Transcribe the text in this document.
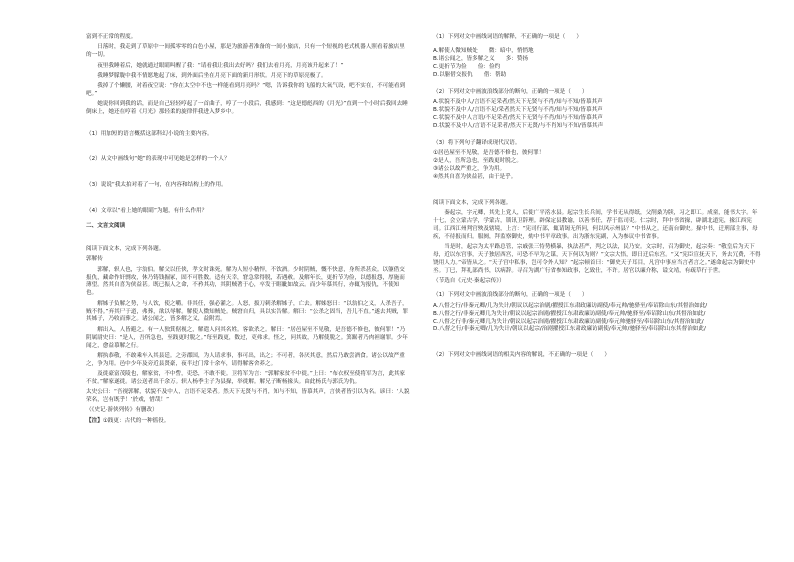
富到不正常的程度。

日落时，我走到了草原中一间孤零零的白色小屋，那是为旅游者准备的一间小旅店，只有一个短视的老式机器人照看着旅店里的一切。

夜里我睡着后，她就通过眼睛叫醒了我：“请看我让我出去好吗？我们去看月亮，月亮该升起来了！”

我睡梦朦胧中我不情愿地起了床，到外面后坐在月亮下面的新月形状。月亮下的草原亮极了。

我掉了个懒腰，对着夜空说：“你在太空中不也一样能看到月亮吗？”嗯，告诉我你的飞船的大氧气设，吧不实在，不可能看到吧。”

她说你回到我的话，而是自己轻轻哼起了一首曲子，哼了一小段后，我感到：“这是德彪西的《月光》”直到一个小时后我回去睡倒床上，她还在哼着《月光》那轻柔的旋律伴我进入梦乡中。

（1）用加短的语言概括这部科幻小说的主要内容。

（2）从文中画线句“她”的表现中可见她是怎样的一个人？

（3）说说“我太拍对着了一句，在内容和结构上的作用。

（4）文章以“看上她的眼睛”为题，有什么作用？

二、文言文阅读

阅读下面文本，完成下列各题。

郭解传

郭解，轵人也，字翁伯。解父以任侠，孝文时诛死。解为人短小精悍，不饮酒。少时阴贼，慨不快意，身所杀甚众。以躯借交报仇，藏命作奸剽攻，休乃铸钱掘冢，固不可胜数。适有天幸，窘急常得脱，若遇赦。及解年长，更折节为俭，以德报怨，厚施而薄望。然其自喜为侠益甚。既已振人之命，不矜其功，其阴贼著于心，卒发于睚眦如故云。而少年慕其行，亦辄为报仇，不使知也。

解姊子负解之势，与人饮，使之嚼。非其任，强必灌之。人怒，拔刀刺杀解姊子，亡去。解姊怒曰：“以翁伯之义，人杀吾子，贼不得。”弃其尸于道，弗葬，欲以辱解。解使人微知贼处。贼窘自归，具以实告解。解曰：“公杀之固当，吾儿不直。”遂去其贼，罪其姊子，乃收而葬之。诸公闻之，皆多解之义，益附焉。

解出入，人皆避之。有一人独箕倨视之，解遣人问其名姓。客欲杀之。解曰：“居邑屋至不见敬，是吾德不修也，彼何罪！”乃阴属尉史曰：“是人，吾所急也，至践更时脱之。”每至践更，数过，吏弗求。怪之，问其故，乃解使脱之。箕踞者乃肉袒谢罪。少年闻之，愈益慕解之行。

解执恭敬，不敢乘车入其县廷。之旁郡国，为人请求事，事可出，出之；不可者，各厌其意，然后乃敢尝酒食。诸公以故严重之，争为用。邑中少年及旁近县贤豪，夜半过门常十余车，请得解客舍养之。

及徙豪富茂陵也，解家贫，不中訾，吏恐，不敢不徙。卫将军为言：“郭解家贫不中徙。”上曰：“布衣权至使将军为言，此其家不贫。”解家遂徙。诸公送者出千余万。轵人杨季主子为县掾，举徙解。解兄子断杨掾头。由此杨氏与郭氏为仇。

太史公曰：“吾视郭解，状貌不及中人，言语不足采者。然天下无贤与不肖，知与不知，皆慕其声，言侠者皆引以为名。谚曰：‘人貌荣名，岂有既乎！’於戏，惜哉！”

（《史记·游侠列传》有删改）

【注】①践更：古代的一种徭役。

（1）下列对文中画线词语的解释，不正确的一项是（　　）

A.解使人微知贼处　　微：暗中，悄悄地

B.诸公闻之，皆多解之义　　多：赞扬

C.更折节为俭　　俭：俭约

D.以躯借交报仇　　借：帮助

（2）下列对文中画波浪线部分的断句，正确的一项是（　　）

A.状貌不及中人/言语不足采者/然天下无贤与不肖/知与不知/皆慕其声

B.状貌不及中人/言语不足/采者然天下无贤与不肖/知与不知/皆慕其声

C.状貌不及中人言语/不足采者/然天下无贤与不肖/知与不知/皆慕其声

D.状貌不及中人/言语不足采者/然天下无贤/与不肖知与不知/皆慕其声

（3）将下列句子翻译成现代汉语。

①居邑屋至不见敬，是吾德不修也，彼何罪！

②是人，吾所急也，至践更时脱之。

③诸公以故严重之，争为用。

④然其自喜为侠益甚，由于是乎。

阅读下面文本，完成下列各题。

秦起宗，字元卿，其先上党人，后徙广平洺水县。起宗生长兵间，学书无从得纸，父削桑为牍，习之即工。成童，能书大字。年十七，会立蒙古学，学蒙古，锁讯卫辞理。辟保定县教谕，以善书任，荐于监司吏。仁宗时，拜中书省掾，辟湖北道宪，掾江西宪司。江西江州判官殃及辖境，上言：“宪司行部，辄请谒无所问，何以风示州县？”中书从之。还南台御史。掾中书，迁刑部主事，母疾，不待报而归。服阕，拜监察御史，劾中书平章政事。出为浙东宪副，入为参议中书省事。

当是时，起宗为太平路总管，宗戚张三恃势横暴，执法甚严，判之以法，民乃安。文宗时，召为御史，起宗奏：“敬皇后为天下母，近以东宫事，天子独居西宫，可恐不早为之谋，天下何以为则？”文宗大悟，即日迁后东宫。“又”宪臣宣抚天下，务去冗费，不得饶用人力。”帝皆从之。“天子宫中私事，岂可令外人知？”起宗顿首曰：“御史天子耳目，凡宫中事应当言者言之。”遂命起宗为御史中丞。丁巳，拜礼部尚书，以病辞。寻召为湖广行省参知政事，乞致仕，不许。居官以廉介称，谥文靖，有疏草行于世。

（节选自《元史·秦起宗传》）

（1）下列对文中画波浪线部分的断句，正确的一项是（　　）

A.八督之行/非秦元卿/几为失计/朝议以起宗治剧/擢授江东肃政廉访副使/奉元帅/驰驿至/奉诏除山东/其督治如此/

B.八督之行/非秦元卿几为失计/朝议以起宗治剧/擢授江东肃政廉访副使/奉元帅/驰驿至/奉诏除山东/其督治如此/

C.八督之行非/秦元卿几为失计/朝议以起宗治剧/擢授江东肃政廉访副使/奉元帅驰驿至/奉诏除山东/其督治如此/

D.八督之行/非秦元卿/几为失计/朝议以起宗/治剧擢授江东肃政廉访副使/奉元帅/驰驿至/奉诏除山东其督治如此/

（2）下列对文中画线词语的相关内容的解说，不正确的一项是（　　）
